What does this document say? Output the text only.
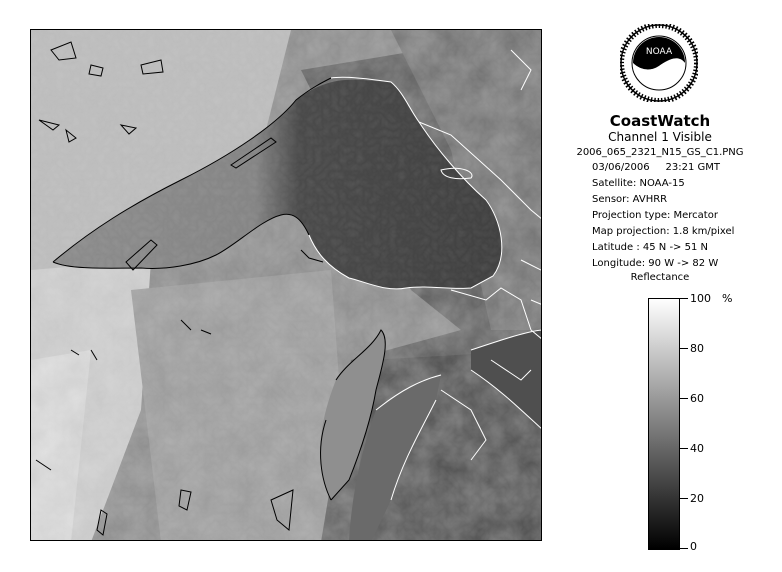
NOAA
CoastWatch
Channel 1 Visible
2006_065_2321_N15_GS_C1.PNG
03/06/2006 23:21 GMT
Satellite: NOAA-15
Sensor: AVHRR
Projection type: Mercator
Map projection: 1.8 km/pixel
Latitude : 45 N -> 51 N
Longitude: 90 W -> 82 W
Reflectance
%
100
80
60
40
20
0
